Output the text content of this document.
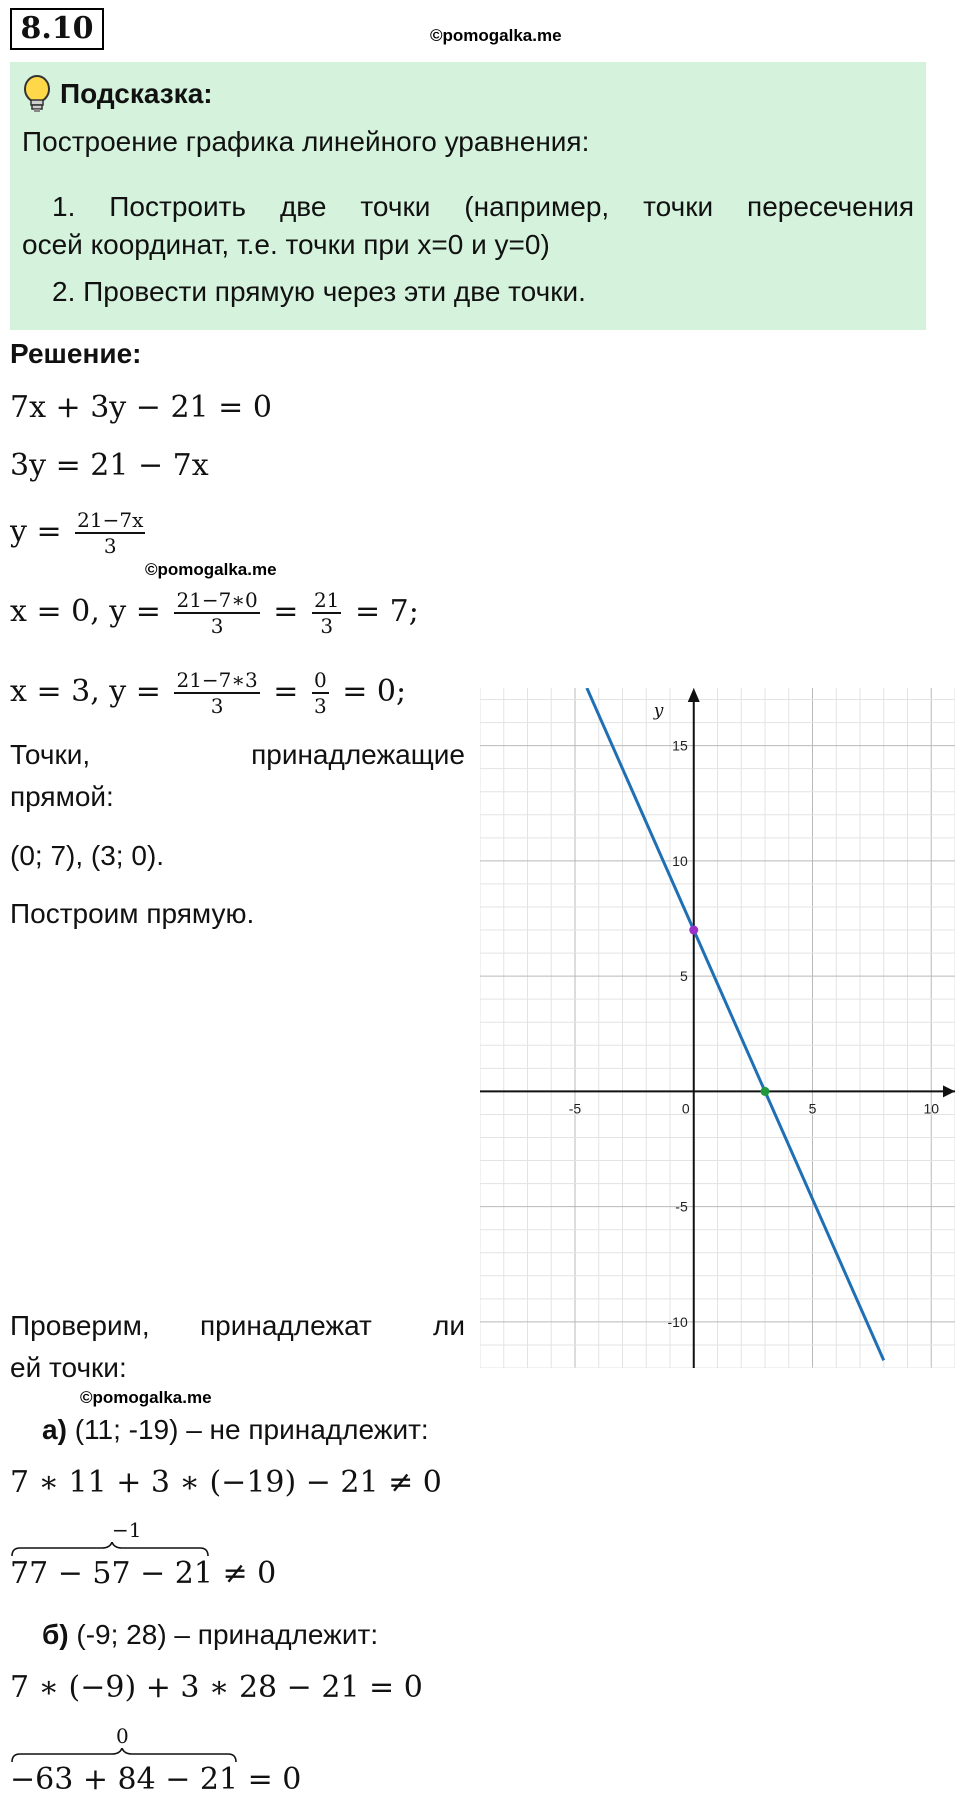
8.10	©pomogalka.me
Подсказка:
Построение графика линейного уравнения:
1. Построить две точки (например, точки пересечения
осей координат, т.е. точки при x=0 и y=0)
2. Провести прямую через эти две точки.
Решение:
7x + 3y − 21 = 0
3y = 21 − 7x
$y = \frac{21-7x}{3}$
©pomogalka.me
x = 0, $y = \frac{21-7∗0}{3} = \frac{21}{3} = 7$;
x = 3, $y = \frac{21-7∗3}{3} = \frac{0}{3} = 0$;
Точки,	принадлежащие
прямой:
(0; 7), (3; 0).
Построим прямую.
-5	0	5	10
-10
-5
5
10
15
y
Проверим, принадлежат ли
ей точки:
©pomogalka.me
а) (11; -19) – не принадлежит:
7 ∗ 11 + 3 ∗ (−19) − 21 ≠ 0
−1
77 − 57 − 21 ≠ 0
б) (-9; 28) – принадлежит:
7 ∗ (−9) + 3 ∗ 28 − 21 = 0
0
−63 + 84 − 21 = 0
